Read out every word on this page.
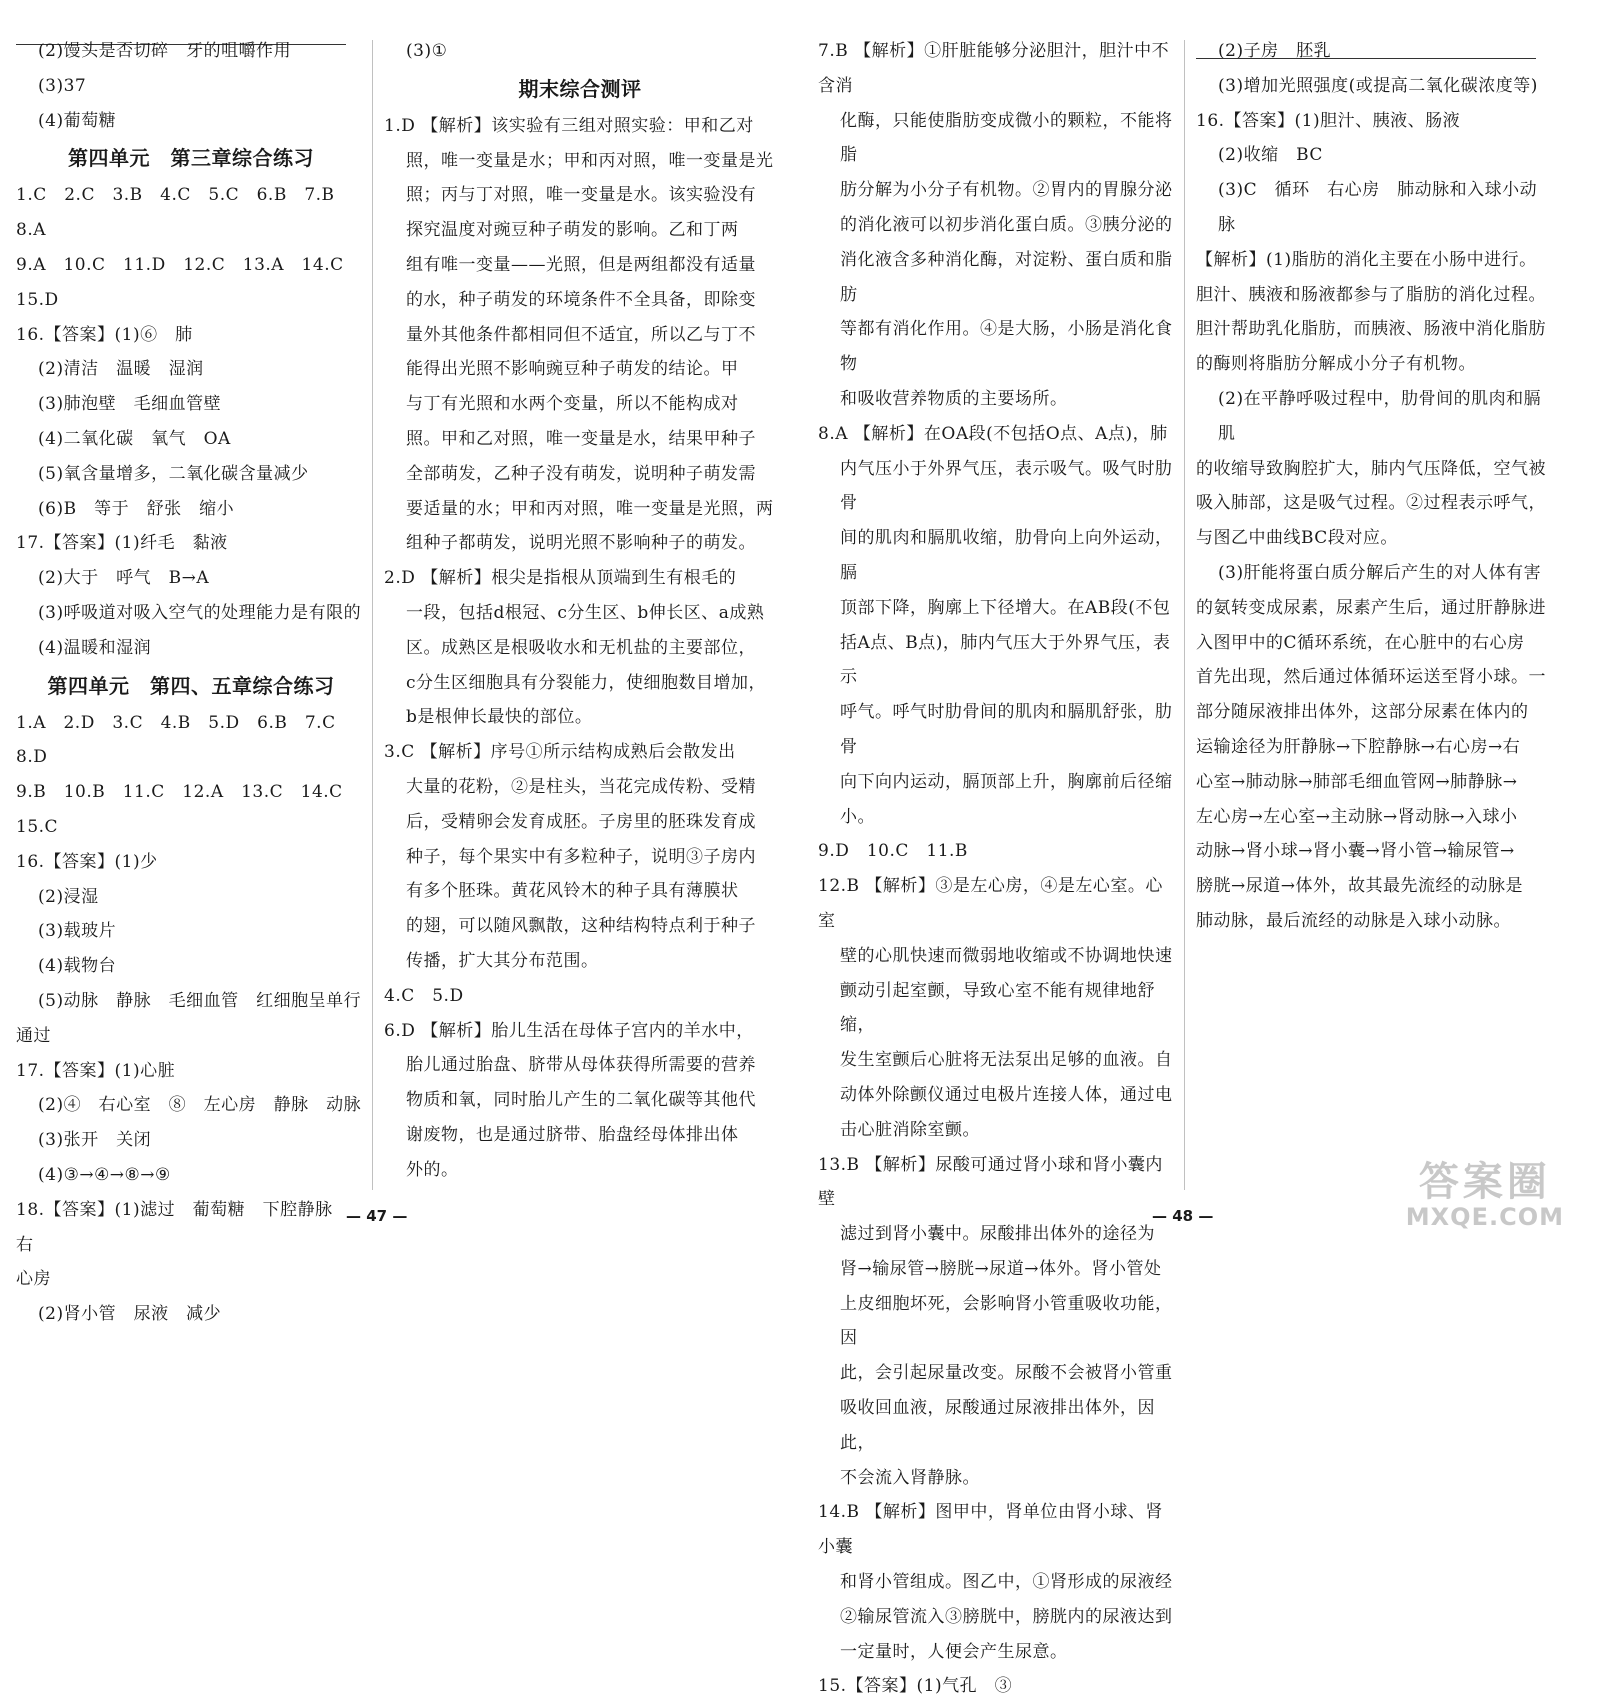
(2)馒头是否切碎　牙的咀嚼作用

(3)37

(4)葡萄糖

第四单元　第三章综合练习

1.C　2.C　3.B　4.C　5.C　6.B　7.B　8.A

9.A　10.C　11.D　12.C　13.A　14.C

15.D

16.【答案】(1)⑥　肺

(2)清洁　温暖　湿润

(3)肺泡壁　毛细血管壁

(4)二氧化碳　氧气　OA

(5)氧含量增多，二氧化碳含量减少

(6)B　等于　舒张　缩小

17.【答案】(1)纤毛　黏液

(2)大于　呼气　B→A

(3)呼吸道对吸入空气的处理能力是有限的

(4)温暖和湿润

第四单元　第四、五章综合练习

1.A　2.D　3.C　4.B　5.D　6.B　7.C　8.D

9.B　10.B　11.C　12.A　13.C　14.C　15.C

16.【答案】(1)少

(2)浸湿

(3)载玻片

(4)载物台

(5)动脉　静脉　毛细血管　红细胞呈单行

通过

17.【答案】(1)心脏

(2)④　右心室　⑧　左心房　静脉　动脉

(3)张开　关闭

(4)③→④→⑧→⑨

18.【答案】(1)滤过　葡萄糖　下腔静脉　右

心房

(2)肾小管　尿液　减少

(3)①

期末综合测评

1.D 【解析】该实验有三组对照实验：甲和乙对

照，唯一变量是水；甲和丙对照，唯一变量是光

照；丙与丁对照，唯一变量是水。该实验没有

探究温度对豌豆种子萌发的影响。乙和丁两

组有唯一变量——光照，但是两组都没有适量

的水，种子萌发的环境条件不全具备，即除变

量外其他条件都相同但不适宜，所以乙与丁不

能得出光照不影响豌豆种子萌发的结论。甲

与丁有光照和水两个变量，所以不能构成对

照。甲和乙对照，唯一变量是水，结果甲种子

全部萌发，乙种子没有萌发，说明种子萌发需

要适量的水；甲和丙对照，唯一变量是光照，两

组种子都萌发，说明光照不影响种子的萌发。

2.D 【解析】根尖是指根从顶端到生有根毛的

一段，包括d根冠、c分生区、b伸长区、a成熟

区。成熟区是根吸收水和无机盐的主要部位，

c分生区细胞具有分裂能力，使细胞数目增加，

b是根伸长最快的部位。

3.C 【解析】序号①所示结构成熟后会散发出

大量的花粉，②是柱头，当花完成传粉、受精

后，受精卵会发育成胚。子房里的胚珠发育成

种子，每个果实中有多粒种子，说明③子房内

有多个胚珠。黄花风铃木的种子具有薄膜状

的翅，可以随风飘散，这种结构特点利于种子

传播，扩大其分布范围。

4.C　5.D

6.D 【解析】胎儿生活在母体子宫内的羊水中，

胎儿通过胎盘、脐带从母体获得所需要的营养

物质和氧，同时胎儿产生的二氧化碳等其他代

谢废物，也是通过脐带、胎盘经母体排出体

外的。

7.B 【解析】①肝脏能够分泌胆汁，胆汁中不含消

化酶，只能使脂肪变成微小的颗粒，不能将脂

肪分解为小分子有机物。②胃内的胃腺分泌

的消化液可以初步消化蛋白质。③胰分泌的

消化液含多种消化酶，对淀粉、蛋白质和脂肪

等都有消化作用。④是大肠，小肠是消化食物

和吸收营养物质的主要场所。

8.A 【解析】在OA段(不包括O点、A点)，肺

内气压小于外界气压，表示吸气。吸气时肋骨

间的肌肉和膈肌收缩，肋骨向上向外运动，膈

顶部下降，胸廓上下径增大。在AB段(不包

括A点、B点)，肺内气压大于外界气压，表示

呼气。呼气时肋骨间的肌肉和膈肌舒张，肋骨

向下向内运动，膈顶部上升，胸廓前后径缩小。

9.D　10.C　11.B

12.B 【解析】③是左心房，④是左心室。心室

壁的心肌快速而微弱地收缩或不协调地快速

颤动引起室颤，导致心室不能有规律地舒缩，

发生室颤后心脏将无法泵出足够的血液。自

动体外除颤仪通过电极片连接人体，通过电

击心脏消除室颤。

13.B 【解析】尿酸可通过肾小球和肾小囊内壁

滤过到肾小囊中。尿酸排出体外的途径为

肾→输尿管→膀胱→尿道→体外。肾小管处

上皮细胞坏死，会影响肾小管重吸收功能，因

此，会引起尿量改变。尿酸不会被肾小管重

吸收回血液，尿酸通过尿液排出体外，因此，

不会流入肾静脉。

14.B 【解析】图甲中，肾单位由肾小球、肾小囊

和肾小管组成。图乙中，①肾形成的尿液经

②输尿管流入③膀胱中，膀胱内的尿液达到

一定量时，人便会产生尿意。

15.【答案】(1)气孔　③

(2)子房　胚乳

(3)增加光照强度(或提高二氧化碳浓度等)

16.【答案】(1)胆汁、胰液、肠液

(2)收缩　BC

(3)C　循环　右心房　肺动脉和入球小动脉

【解析】(1)脂肪的消化主要在小肠中进行。

胆汁、胰液和肠液都参与了脂肪的消化过程。

胆汁帮助乳化脂肪，而胰液、肠液中消化脂肪

的酶则将脂肪分解成小分子有机物。

(2)在平静呼吸过程中，肋骨间的肌肉和膈肌

的收缩导致胸腔扩大，肺内气压降低，空气被

吸入肺部，这是吸气过程。②过程表示呼气，

与图乙中曲线BC段对应。

(3)肝能将蛋白质分解后产生的对人体有害

的氨转变成尿素，尿素产生后，通过肝静脉进

入图甲中的C循环系统，在心脏中的右心房

首先出现，然后通过体循环运送至肾小球。一

部分随尿液排出体外，这部分尿素在体内的

运输途径为肝静脉→下腔静脉→右心房→右

心室→肺动脉→肺部毛细血管网→肺静脉→

左心房→左心室→主动脉→肾动脉→入球小

动脉→肾小球→肾小囊→肾小管→输尿管→

膀胱→尿道→体外，故其最先流经的动脉是

肺动脉，最后流经的动脉是入球小动脉。

— 47 —	— 48 —
答案圈
MXQE.COM
